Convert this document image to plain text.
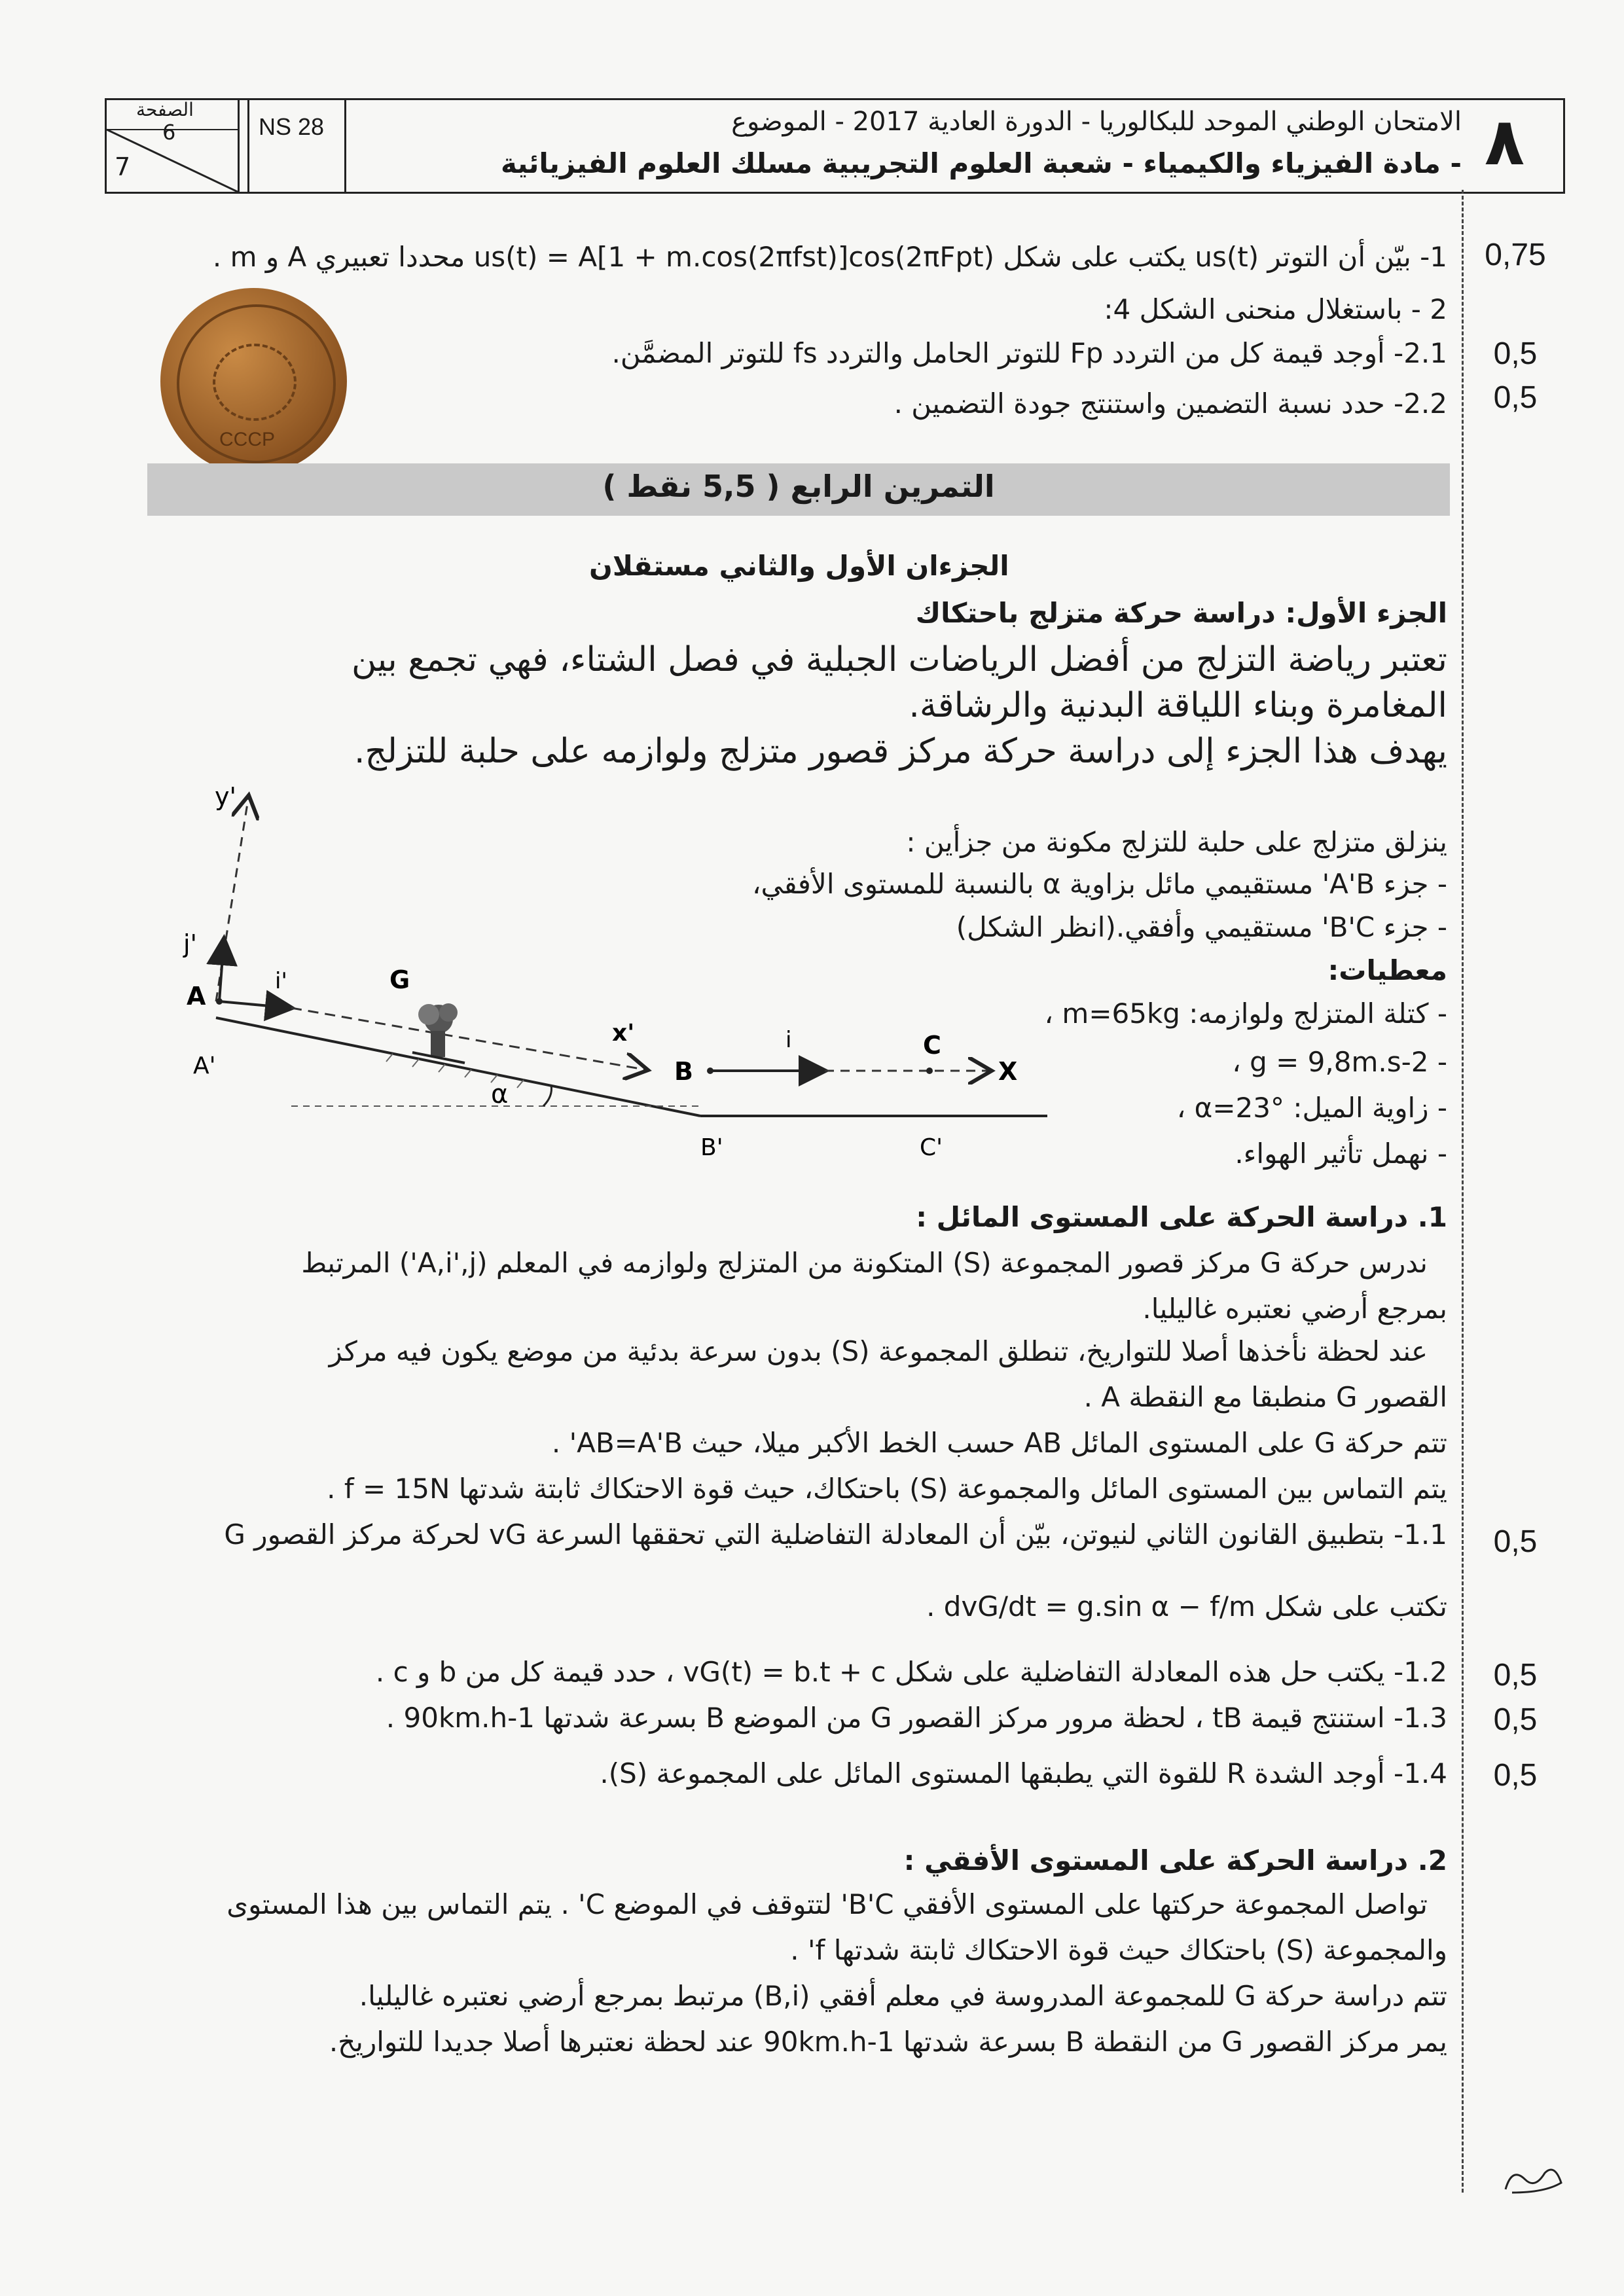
الصفحة
6
7
NS 28	الامتحان الوطني الموحد للبكالوريا - الدورة العادية 2017 - الموضوع
- مادة الفيزياء والكيمياء - شعبة العلوم التجريبية مسلك العلوم الفيزيائية ٨
CCCP
1- بيّن أن التوتر us(t) يكتب على شكل us(t) = A[1 + m.cos(2πfst)]cos(2πFpt) محددا تعبيري A و m .	0,75
2 - باستغلال منحنى الشكل 4:
2.1- أوجد قيمة كل من التردد Fp للتوتر الحامل والتردد fs للتوتر المضمَّن.	0,5
2.2- حدد نسبة التضمين واستنتج جودة التضمين .	0,5
التمرين الرابع ( 5,5 نقط )
الجزءان الأول والثاني مستقلان
الجزء الأول: دراسة حركة متزلج باحتكاك
تعتبر رياضة التزلج من أفضل الرياضات الجبلية في فصل الشتاء، فهي تجمع بين
المغامرة وبناء اللياقة البدنية والرشاقة.
يهدف هذا الجزء إلى دراسة حركة مركز قصور متزلج ولوازمه على حلبة للتزلج.
ينزلق متزلج على حلبة للتزلج مكونة من جزأين :
- جزء A'B' مستقيمي مائل بزاوية α بالنسبة للمستوى الأفقي،
- جزء B'C' مستقيمي وأفقي.(انظر الشكل)
معطيات:
- كتلة المتزلج ولوازمه: m=65kg ،
- g = 9,8m.s-2 ،
- زاوية الميل: α=23° ،
- نهمل تأثير الهواء.
y'
j'
i'
A
A'
G
x'
B
i	C
X
α
B'	C'
1. دراسة الحركة على المستوى المائل :
ندرس حركة G مركز قصور المجموعة (S) المتكونة من المتزلج ولوازمه في المعلم (A,i',j') المرتبط
بمرجع أرضي نعتبره غاليليا.
عند لحظة نأخذها أصلا للتواريخ، تنطلق المجموعة (S) بدون سرعة بدئية من موضع يكون فيه مركز
القصور G منطبقا مع النقطة A .
تتم حركة G على المستوى المائل AB حسب الخط الأكبر ميلا، حيث AB=A'B' .
يتم التماس بين المستوى المائل والمجموعة (S) باحتكاك، حيث قوة الاحتكاك ثابتة شدتها f = 15N .
1.1- بتطبيق القانون الثاني لنيوتن، بيّن أن المعادلة التفاضلية التي تحققها السرعة vG لحركة مركز القصور G	0,5
تكتب على شكل dvG/dt = g.sin α − f/m .
1.2- يكتب حل هذه المعادلة التفاضلية على شكل vG(t) = b.t + c ، حدد قيمة كل من b و c .	0,5
1.3- استنتج قيمة tB ، لحظة مرور مركز القصور G من الموضع B بسرعة شدتها 90km.h-1 .	0,5
1.4- أوجد الشدة R للقوة التي يطبقها المستوى المائل على المجموعة (S).	0,5
2. دراسة الحركة على المستوى الأفقي :
تواصل المجموعة حركتها على المستوى الأفقي B'C' لتتوقف في الموضع C' . يتم التماس بين هذا المستوى
والمجموعة (S) باحتكاك حيث قوة الاحتكاك ثابتة شدتها f' .
تتم دراسة حركة G للمجموعة المدروسة في معلم أفقي (B,i) مرتبط بمرجع أرضي نعتبره غاليليا.
يمر مركز القصور G من النقطة B بسرعة شدتها 90km.h-1 عند لحظة نعتبرها أصلا جديدا للتواريخ.
